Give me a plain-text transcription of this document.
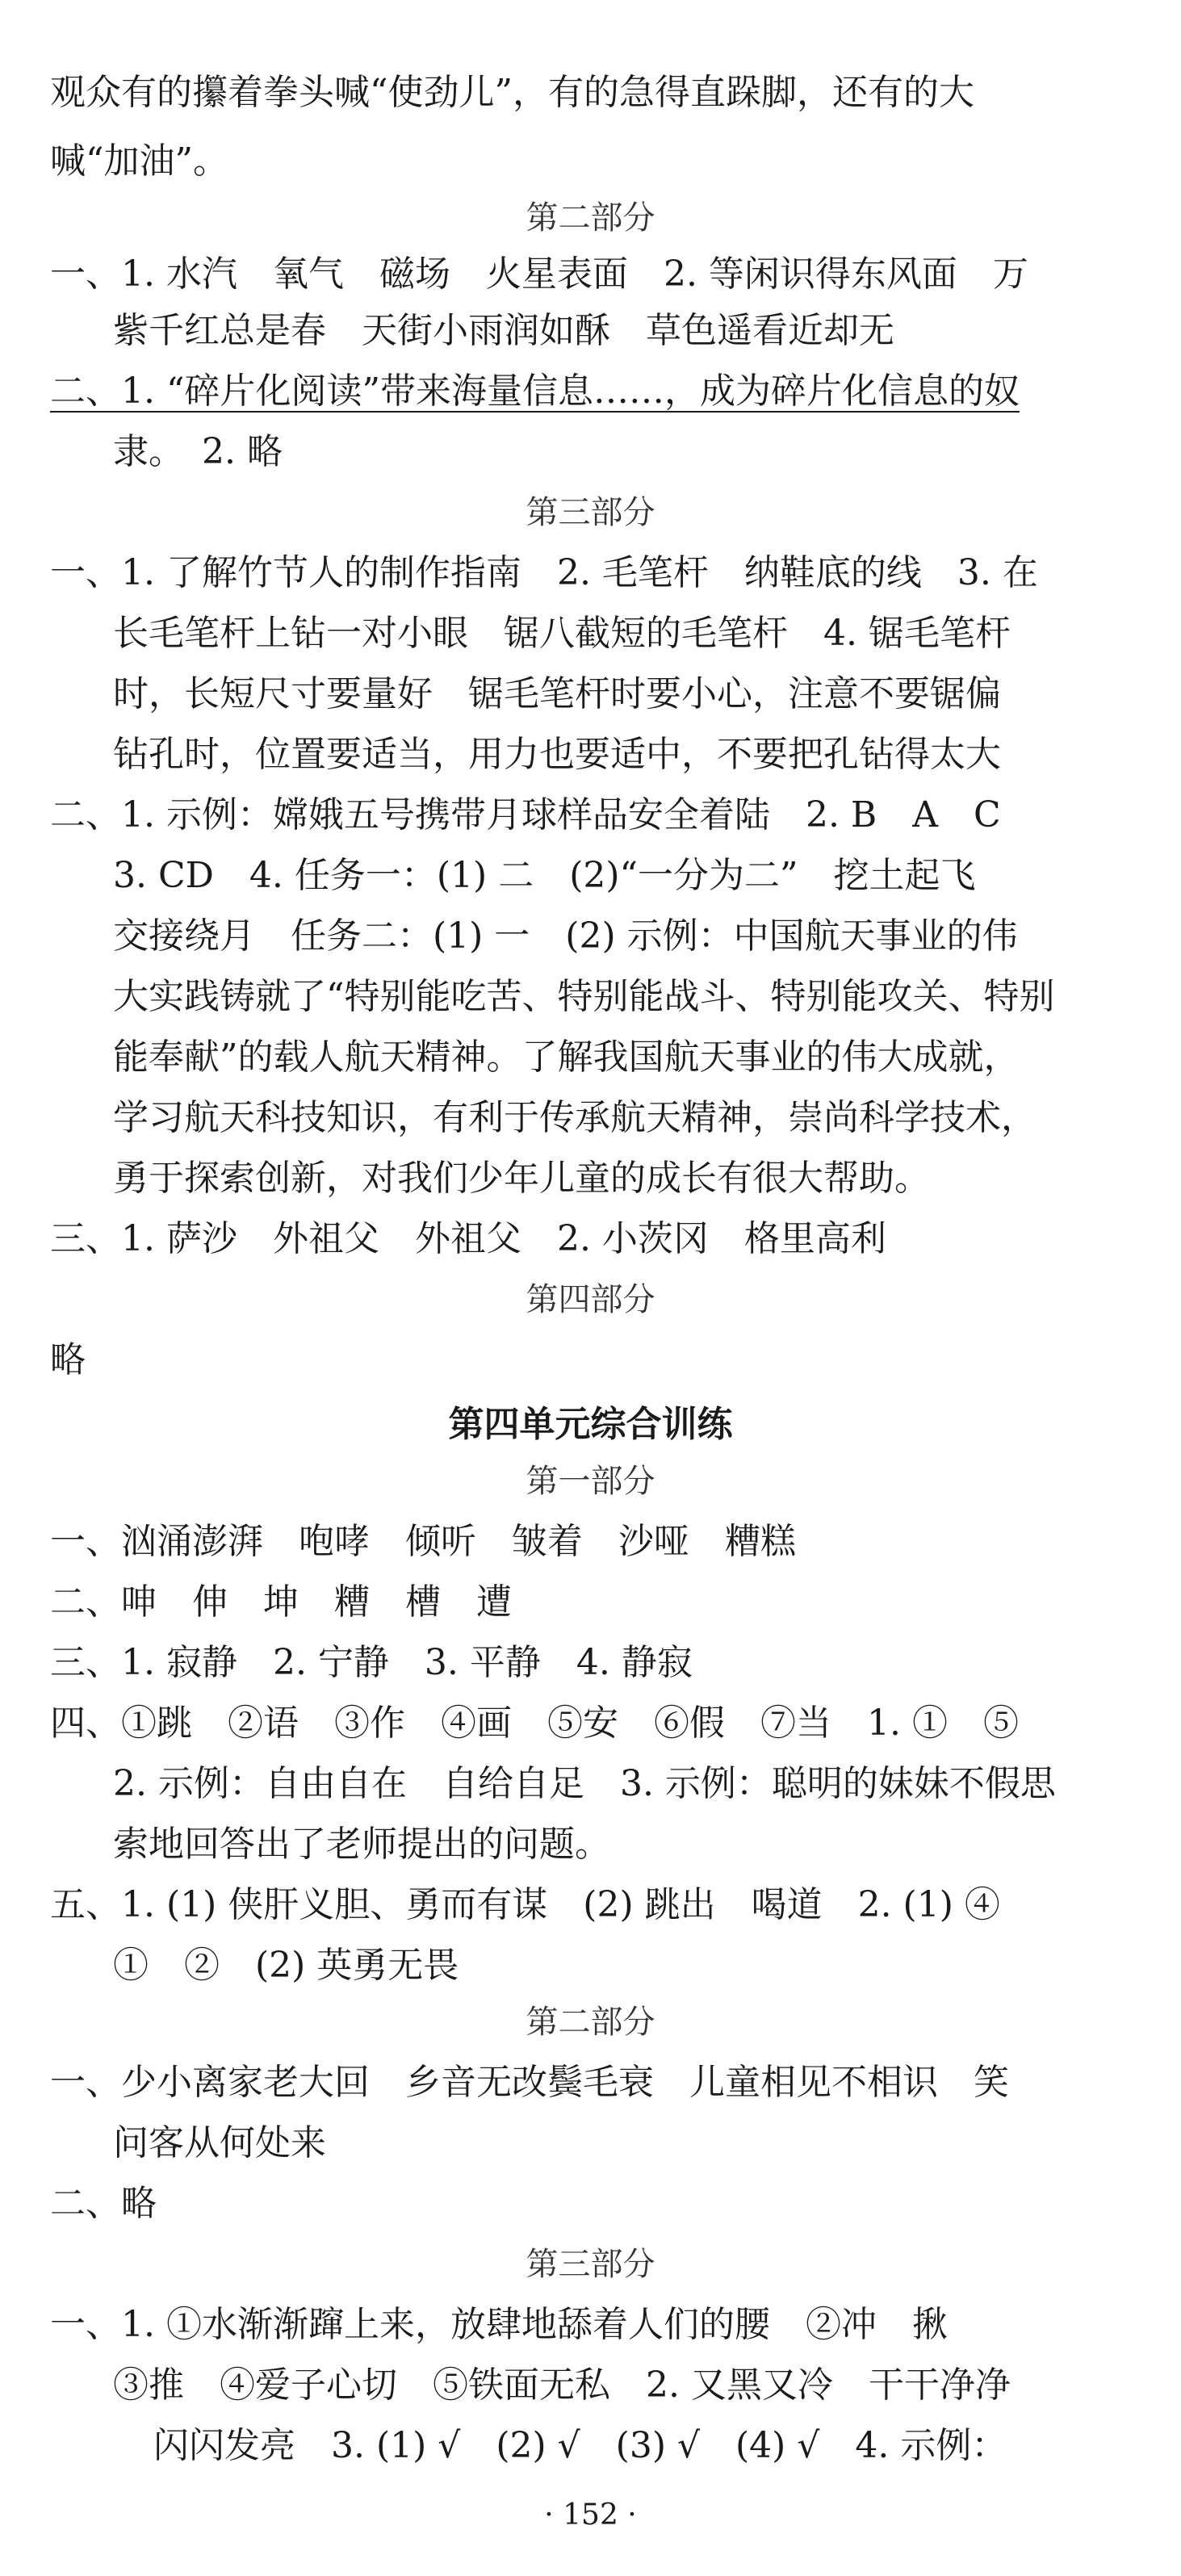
观众有的攥着拳头喊“使劲儿”，有的急得直跺脚，还有的大
喊“加油”。
第二部分
一、1. 水汽　氧气　磁场　火星表面　2. 等闲识得东风面　万
紫千红总是春　天街小雨润如酥　草色遥看近却无
二、1. “碎片化阅读”带来海量信息……，成为碎片化信息的奴
隶。　2. 略
第三部分
一、1. 了解竹节人的制作指南　2. 毛笔杆　纳鞋底的线　3. 在
长毛笔杆上钻一对小眼　锯八截短的毛笔杆　4. 锯毛笔杆
时，长短尺寸要量好　锯毛笔杆时要小心，注意不要锯偏
钻孔时，位置要适当，用力也要适中，不要把孔钻得太大
二、1. 示例：嫦娥五号携带月球样品安全着陆　2. B　A　C
3. CD　4. 任务一：(1) 二　(2)“一分为二”　挖土起飞
交接绕月　任务二：(1) 一　(2) 示例：中国航天事业的伟
大实践铸就了“特别能吃苦、特别能战斗、特别能攻关、特别
能奉献”的载人航天精神。了解我国航天事业的伟大成就，
学习航天科技知识，有利于传承航天精神，崇尚科学技术，
勇于探索创新，对我们少年儿童的成长有很大帮助。
三、1. 萨沙　外祖父　外祖父　2. 小茨冈　格里高利
第四部分
略
第四单元综合训练
第一部分
一、汹涌澎湃　咆哮　倾听　皱着　沙哑　糟糕
二、呻　伸　坤　糟　槽　遭
三、1. 寂静　2. 宁静　3. 平静　4. 静寂
四、①跳　②语　③作　④画　⑤安　⑥假　⑦当　1. ①　⑤
2. 示例：自由自在　自给自足　3. 示例：聪明的妹妹不假思
索地回答出了老师提出的问题。
五、1. (1) 侠肝义胆、勇而有谋　(2) 跳出　喝道　2. (1) ④
①　②　(2) 英勇无畏
第二部分
一、少小离家老大回　乡音无改鬓毛衰　儿童相见不相识　笑
问客从何处来
二、略
第三部分
一、1. ①水渐渐蹿上来，放肆地舔着人们的腰　②冲　揪
③推　④爱子心切　⑤铁面无私　2. 又黑又冷　干干净净
闪闪发亮　3. (1) √　(2) √　(3) √　(4) √　4. 示例：
· 152 ·
